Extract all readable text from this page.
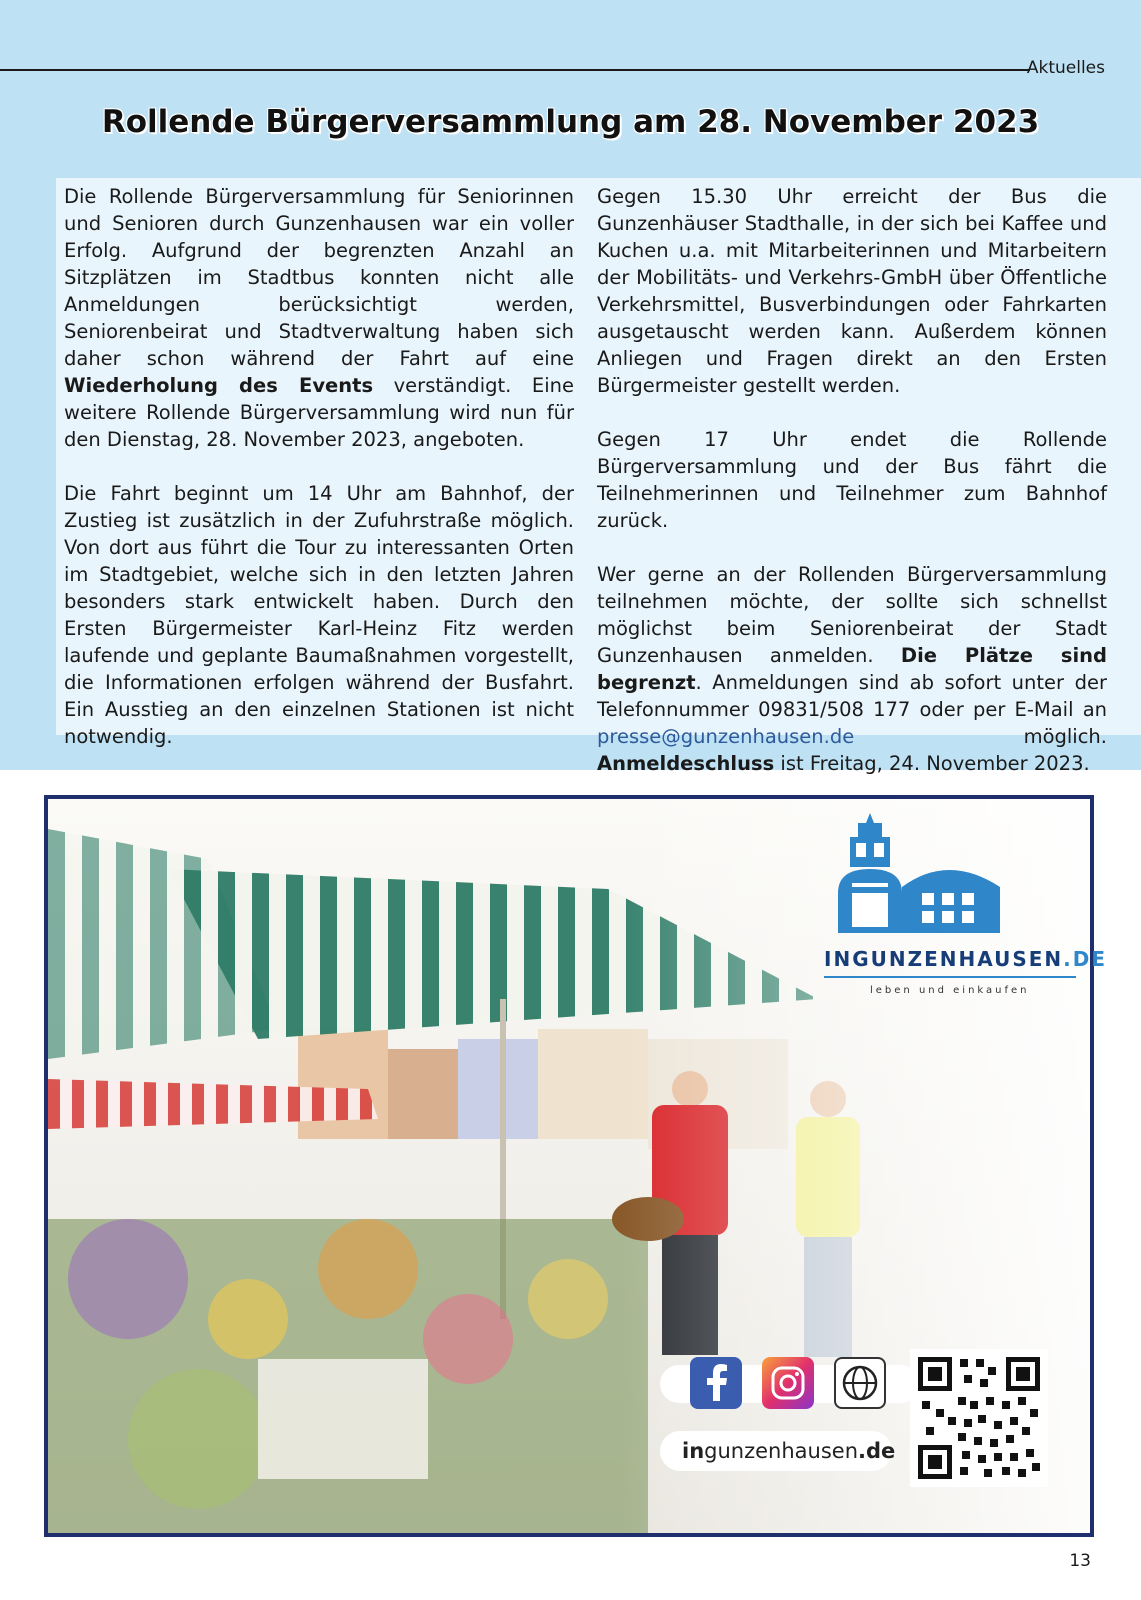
Aktuelles
Rollende Bürgerversammlung am 28. November 2023

Die Rollende Bürgerversammlung für Seniorinnen und Senioren durch Gunzenhausen war ein voller Erfolg. Aufgrund der begrenzten Anzahl an Sitzplätzen im Stadtbus konnten nicht alle Anmeldungen berücksichtigt werden, Seniorenbeirat und Stadtverwaltung haben sich daher schon während der Fahrt auf eine Wiederholung des Events verständigt. Eine weitere Rollende Bürgerversammlung wird nun für den Dienstag, 28. November 2023, angeboten.

Die Fahrt beginnt um 14 Uhr am Bahnhof, der Zustieg ist zusätzlich in der Zufuhrstraße möglich. Von dort aus führt die Tour zu interessanten Orten im Stadtgebiet, welche sich in den letzten Jahren besonders stark entwickelt haben. Durch den Ersten Bürgermeister Karl-Heinz Fitz werden laufende und geplante Baumaßnahmen vorgestellt, die Informationen erfolgen während der Busfahrt. Ein Ausstieg an den einzelnen Stationen ist nicht notwendig.

Gegen 15.30 Uhr erreicht der Bus die Gunzenhäuser Stadthalle, in der sich bei Kaffee und Kuchen u.a. mit Mitarbeiterinnen und Mitarbeitern der Mobilitäts- und Verkehrs-GmbH über Öffentliche Verkehrsmittel, Busverbindungen oder Fahrkarten ausgetauscht werden kann. Außerdem können Anliegen und Fragen direkt an den Ersten Bürgermeister gestellt werden.

Gegen 17 Uhr endet die Rollende Bürgerversammlung und der Bus fährt die Teilnehmerinnen und Teilnehmer zum Bahnhof zurück.

Wer gerne an der Rollenden Bürgerversammlung teilnehmen möchte, der sollte sich schnellst möglichst beim Seniorenbeirat der Stadt Gunzenhausen anmelden. Die Plätze sind begrenzt. Anmeldungen sind ab sofort unter der Telefonnummer 09831/508 177 oder per E-Mail an presse@gunzenhausen.de möglich. Anmeldeschluss ist Freitag, 24. November 2023.

INGUNZENHAUSEN.DE
leben und einkaufen
ingunzenhausen.de
13
